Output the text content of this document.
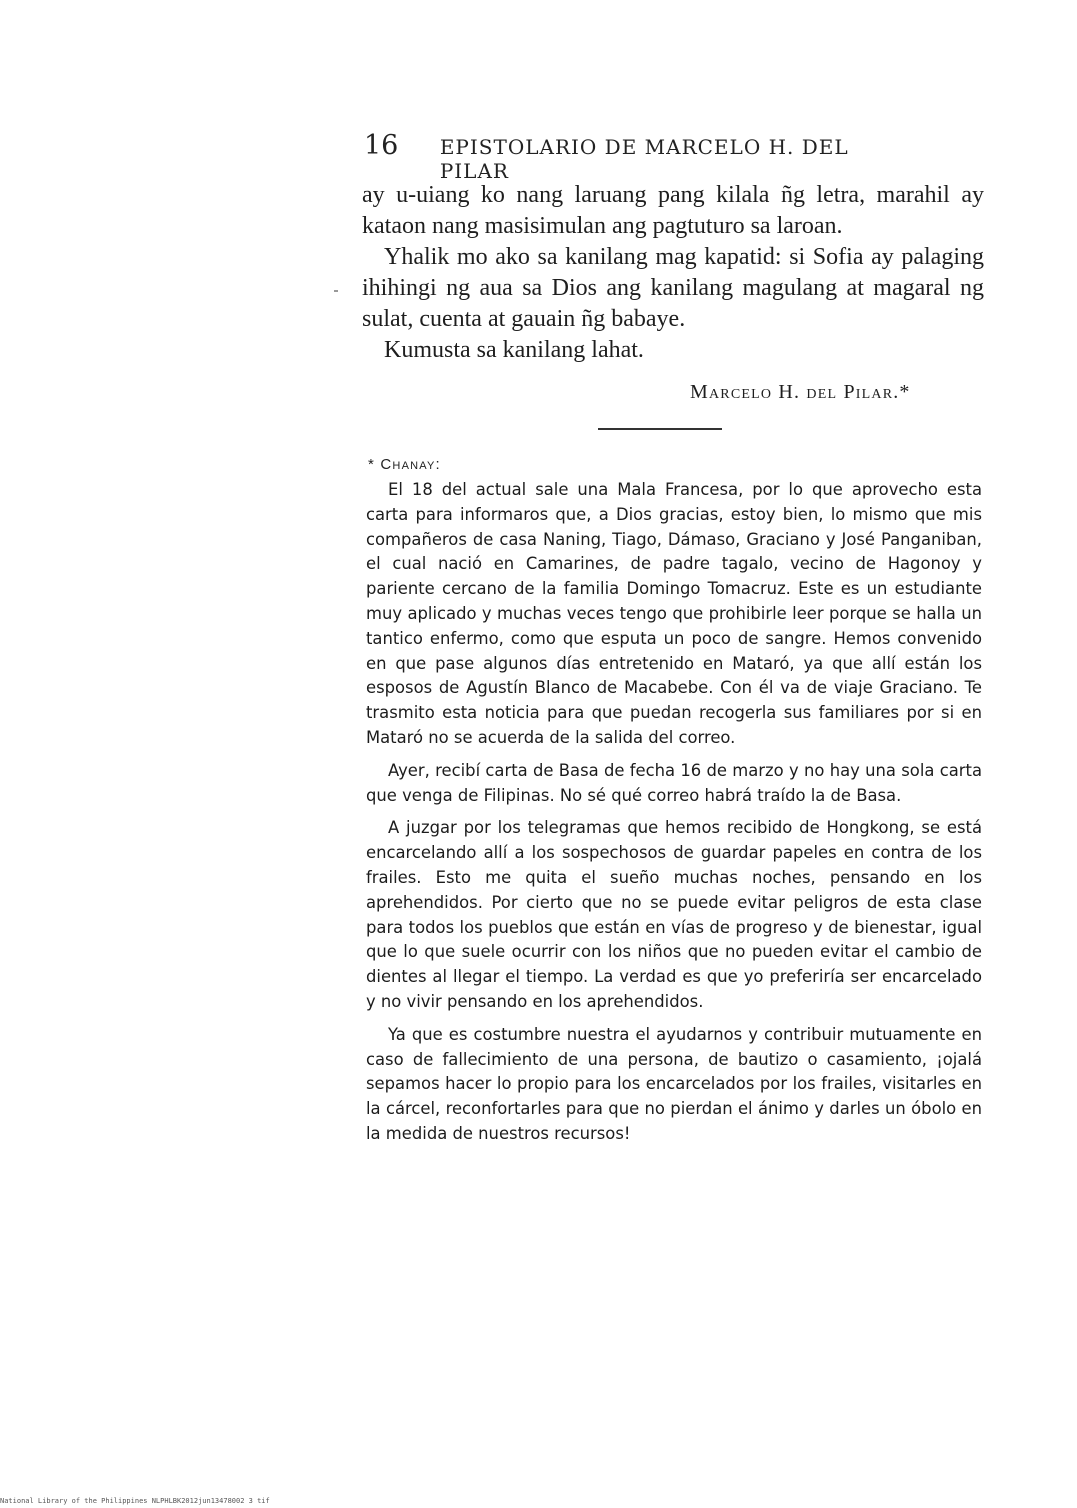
16	EPISTOLARIO DE MARCELO H. DEL PILAR

ay u-uiang ko nang laruang pang kilala ñg letra, marahil ay kataon nang masisimulan ang pagtuturo sa laroan.

Yhalik mo ako sa kanilang mag kapatid: si Sofia ay palaging ihihingi ng aua sa Dios ang kanilang magulang at magaral ng sulat, cuenta at gauain ñg babaye.

Kumusta sa kanilang lahat.

Marcelo H. del Pilar.*
* Chanay:

El 18 del actual sale una Mala Francesa, por lo que aprovecho esta carta para informaros que, a Dios gracias, estoy bien, lo mismo que mis compañeros de casa Naning, Tiago, Dámaso, Graciano y José Panganiban, el cual nació en Camarines, de padre tagalo, vecino de Hagonoy y pariente cercano de la familia Domingo Tomacruz. Este es un estudiante muy aplicado y muchas veces tengo que prohibirle leer porque se halla un tantico enfermo, como que esputa un poco de sangre. Hemos convenido en que pase algunos días entretenido en Mataró, ya que allí están los esposos de Agustín Blanco de Macabebe. Con él va de viaje Graciano. Te trasmito esta noticia para que puedan recogerla sus familiares por si en Mataró no se acuerda de la salida del correo.

Ayer, recibí carta de Basa de fecha 16 de marzo y no hay una sola carta que venga de Filipinas. No sé qué correo habrá traído la de Basa.

A juzgar por los telegramas que hemos recibido de Hongkong, se está encarcelando allí a los sospechosos de guardar papeles en contra de los frailes. Esto me quita el sueño muchas noches, pensando en los aprehendidos. Por cierto que no se puede evitar peligros de esta clase para todos los pueblos que están en vías de progreso y de bienestar, igual que lo que suele ocurrir con los niños que no pueden evitar el cambio de dientes al llegar el tiempo. La verdad es que yo preferiría ser encarcelado y no vivir pensando en los aprehendidos.

Ya que es costumbre nuestra el ayudarnos y contribuir mutuamente en caso de fallecimiento de una persona, de bautizo o casamiento, ¡ojalá sepamos hacer lo propio para los encarcelados por los frailes, visitarles en la cárcel, reconfortarles para que no pierdan el ánimo y darles un óbolo en la medida de nuestros recursos!

National Library of the Philippines NLPHLBK2012jun13478002 3 tif
